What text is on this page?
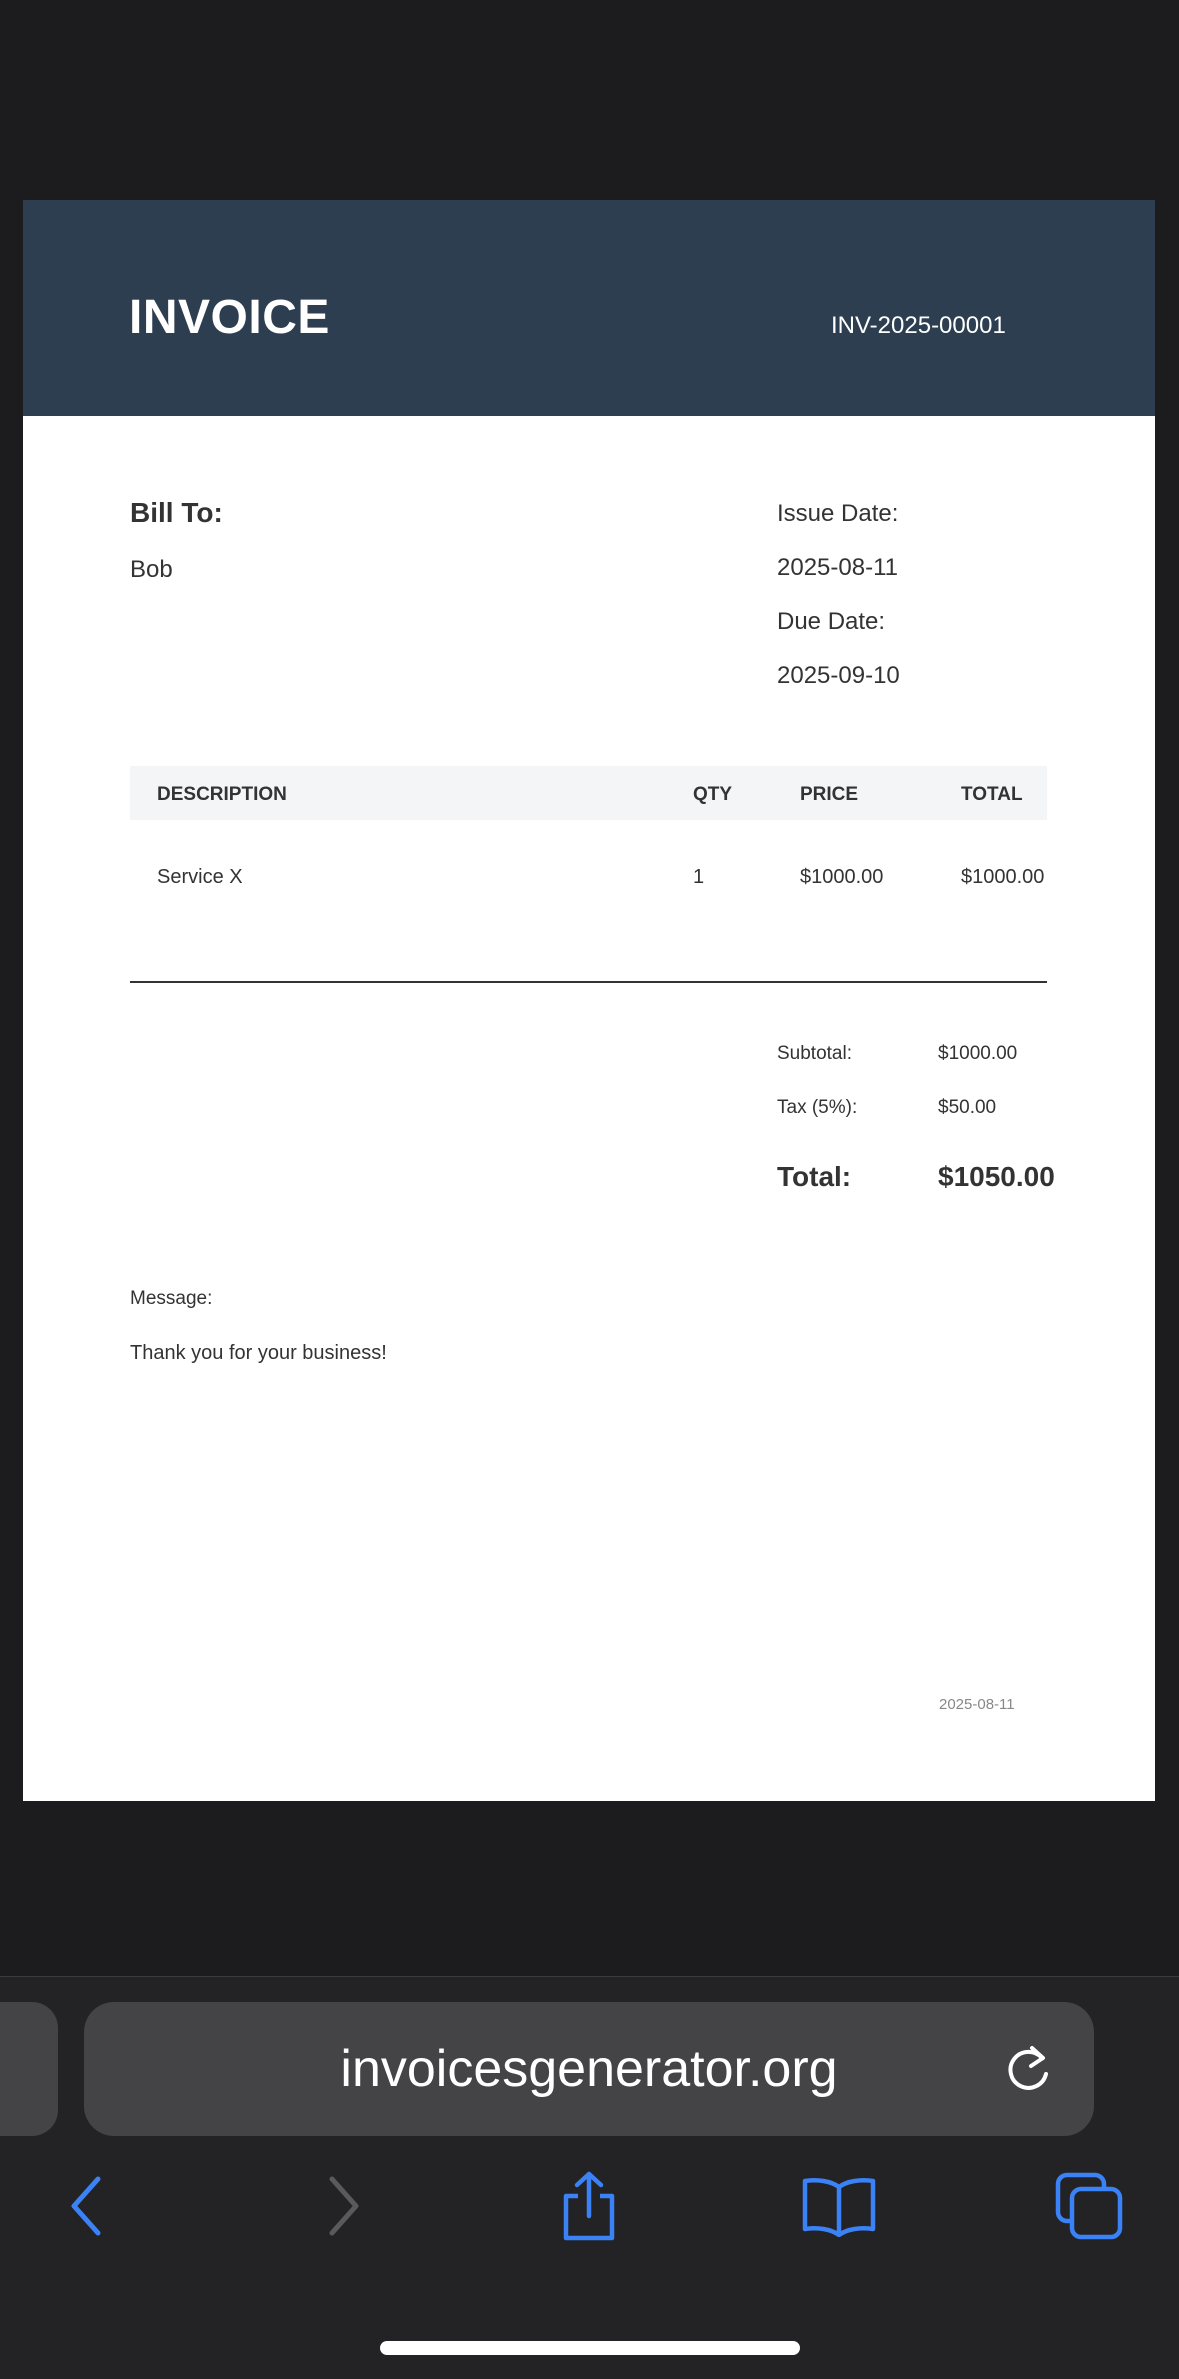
INVOICE	INV-2025-00001
Bill To:
Bob
Issue Date:
2025-08-11
Due Date:
2025-09-10
DESCRIPTION	QTY	PRICE	TOTAL
Service X	1	$1000.00	$1000.00
Subtotal:	$1000.00
Tax (5%):	$50.00
Total:	$1050.00
Message:
Thank you for your business!
2025-08-11
invoicesgenerator.org
